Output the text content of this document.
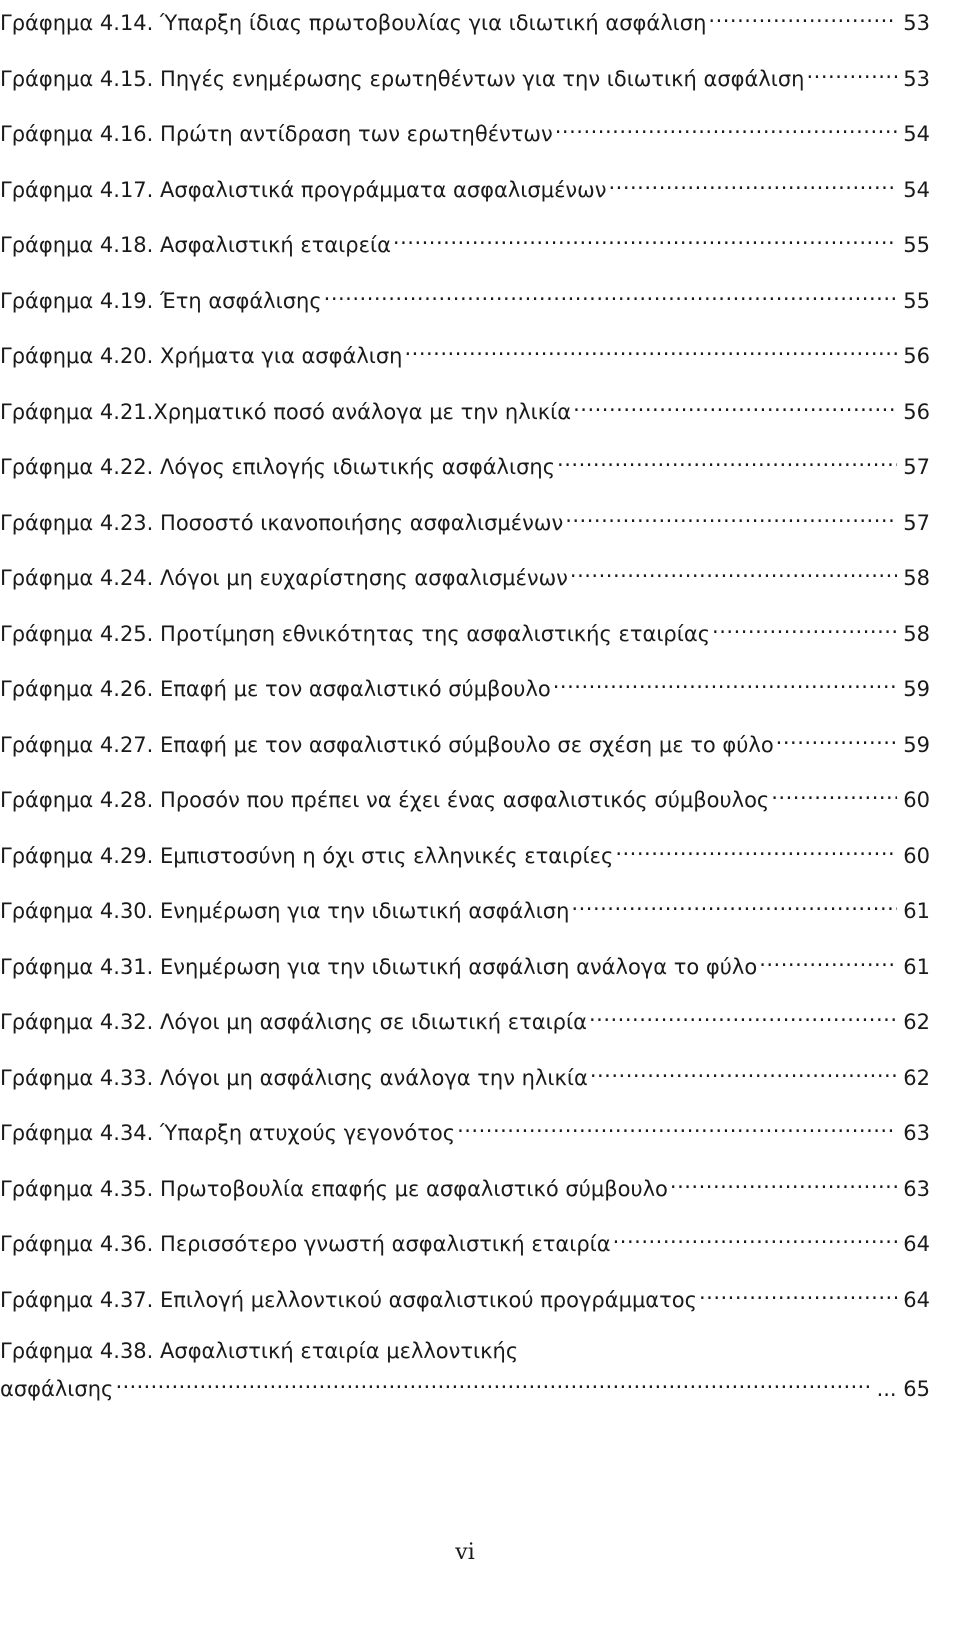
Γράφημα 4.14. Ύπαρξη ίδιας πρωτοβουλίας για ιδιωτική ασφάλιση .....	53
Γράφημα 4.15. Πηγές ενημέρωσης ερωτηθέντων για την ιδιωτική ασφάλιση .....	53
Γράφημα 4.16. Πρώτη αντίδραση των ερωτηθέντων .....	54
Γράφημα 4.17. Ασφαλιστικά προγράμματα ασφαλισμένων .....	54
Γράφημα 4.18. Ασφαλιστική εταιρεία .....	55
Γράφημα 4.19. Έτη ασφάλισης .....	55
Γράφημα 4.20. Χρήματα για ασφάλιση .....	56
Γράφημα 4.21.Χρηματικό ποσό ανάλογα με την ηλικία .....	56
Γράφημα 4.22. Λόγος επιλογής ιδιωτικής ασφάλισης .....	57
Γράφημα 4.23. Ποσοστό ικανοποιήσης ασφαλισμένων .....	57
Γράφημα 4.24. Λόγοι μη ευχαρίστησης ασφαλισμένων .....	58
Γράφημα 4.25. Προτίμηση εθνικότητας της ασφαλιστικής εταιρίας .....	58
Γράφημα 4.26. Επαφή με τον ασφαλιστικό σύμβουλο .....	59
Γράφημα 4.27. Επαφή με τον ασφαλιστικό σύμβουλο σε σχέση με το φύλο .....	59
Γράφημα 4.28. Προσόν που πρέπει να έχει ένας ασφαλιστικός σύμβουλος .....	60
Γράφημα 4.29. Εμπιστοσύνη η όχι στις ελληνικές εταιρίες .....	60
Γράφημα 4.30. Ενημέρωση για την ιδιωτική ασφάλιση .....	61
Γράφημα 4.31. Ενημέρωση για την ιδιωτική ασφάλιση ανάλογα το φύλο .....	61
Γράφημα 4.32. Λόγοι μη ασφάλισης σε ιδιωτική εταιρία .....	62
Γράφημα 4.33. Λόγοι μη ασφάλισης ανάλογα την ηλικία .....	62
Γράφημα 4.34. Ύπαρξη ατυχούς γεγονότος .....	63
Γράφημα 4.35. Πρωτοβουλία επαφής με ασφαλιστικό σύμβουλο .....	63
Γράφημα 4.36. Περισσότερο γνωστή ασφαλιστική εταιρία .....	64
Γράφημα 4.37. Επιλογή μελλοντικού ασφαλιστικού προγράμματος .....	64
Γράφημα 4.38. Ασφαλιστική εταιρία μελλοντικής
ασφάλισης ……………………………………………………………………………………………………………	... 65
vi
